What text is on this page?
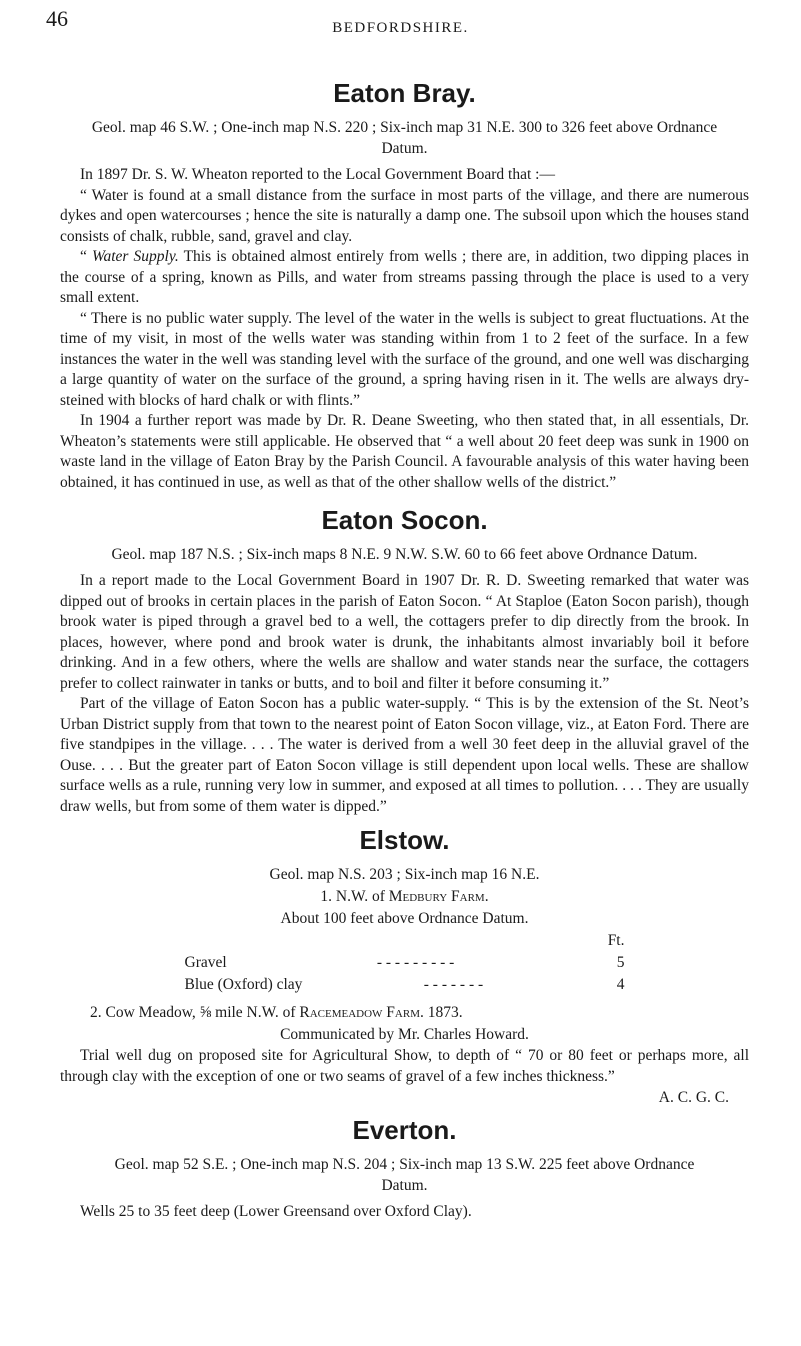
46	BEDFORDSHIRE.
Eaton Bray.
Geol. map 46 S.W. ; One-inch map N.S. 220 ; Six-inch map 31 N.E. 300 to 326 feet above Ordnance Datum.

In 1897 Dr. S. W. Wheaton reported to the Local Government Board that :—

“ Water is found at a small distance from the surface in most parts of the village, and there are numerous dykes and open watercourses ; hence the site is naturally a damp one. The subsoil upon which the houses stand consists of chalk, rubble, sand, gravel and clay.

“ Water Supply. This is obtained almost entirely from wells ; there are, in addition, two dipping places in the course of a spring, known as Pills, and water from streams passing through the place is used to a very small extent.

“ There is no public water supply. The level of the water in the wells is subject to great fluctuations. At the time of my visit, in most of the wells water was standing within from 1 to 2 feet of the surface. In a few instances the water in the well was standing level with the surface of the ground, and one well was discharging a large quantity of water on the surface of the ground, a spring having risen in it. The wells are always dry-steined with blocks of hard chalk or with flints.”

In 1904 a further report was made by Dr. R. Deane Sweeting, who then stated that, in all essentials, Dr. Wheaton’s statements were still applicable. He observed that “ a well about 20 feet deep was sunk in 1900 on waste land in the village of Eaton Bray by the Parish Council. A favourable analysis of this water having been obtained, it has continued in use, as well as that of the other shallow wells of the district.”

Eaton Socon.
Geol. map 187 N.S. ; Six-inch maps 8 N.E. 9 N.W. S.W. 60 to 66 feet above Ordnance Datum.

In a report made to the Local Government Board in 1907 Dr. R. D. Sweeting remarked that water was dipped out of brooks in certain places in the parish of Eaton Socon. “ At Staploe (Eaton Socon parish), though brook water is piped through a gravel bed to a well, the cottagers prefer to dip directly from the brook. In places, however, where pond and brook water is drunk, the inhabitants almost invariably boil it before drinking. And in a few others, where the wells are shallow and water stands near the surface, the cottagers prefer to collect rainwater in tanks or butts, and to boil and filter it before consuming it.”

Part of the village of Eaton Socon has a public water-supply. “ This is by the extension of the St. Neot’s Urban District supply from that town to the nearest point of Eaton Socon village, viz., at Eaton Ford. There are five standpipes in the village. . . . The water is derived from a well 30 feet deep in the alluvial gravel of the Ouse. . . . But the greater part of Eaton Socon village is still dependent upon local wells. These are shallow surface wells as a rule, running very low in summer, and exposed at all times to pollution. . . . They are usually draw wells, but from some of them water is dipped.”

Elstow.
Geol. map N.S. 203 ; Six-inch map 16 N.E.
1. N.W. of Medbury Farm.
About 100 feet above Ordnance Datum.
Ft.
Gravel	- - - - - - - - -	5
Blue (Oxford) clay	- - - - - - -	4
2. Cow Meadow, ⅝ mile N.W. of Racemeadow Farm. 1873.
Communicated by Mr. Charles Howard.

Trial well dug on proposed site for Agricultural Show, to depth of “ 70 or 80 feet or perhaps more, all through clay with the exception of one or two seams of gravel of a few inches thickness.”

A. C. G. C.
Everton.
Geol. map 52 S.E. ; One-inch map N.S. 204 ; Six-inch map 13 S.W. 225 feet above Ordnance Datum.

Wells 25 to 35 feet deep (Lower Greensand over Oxford Clay).
